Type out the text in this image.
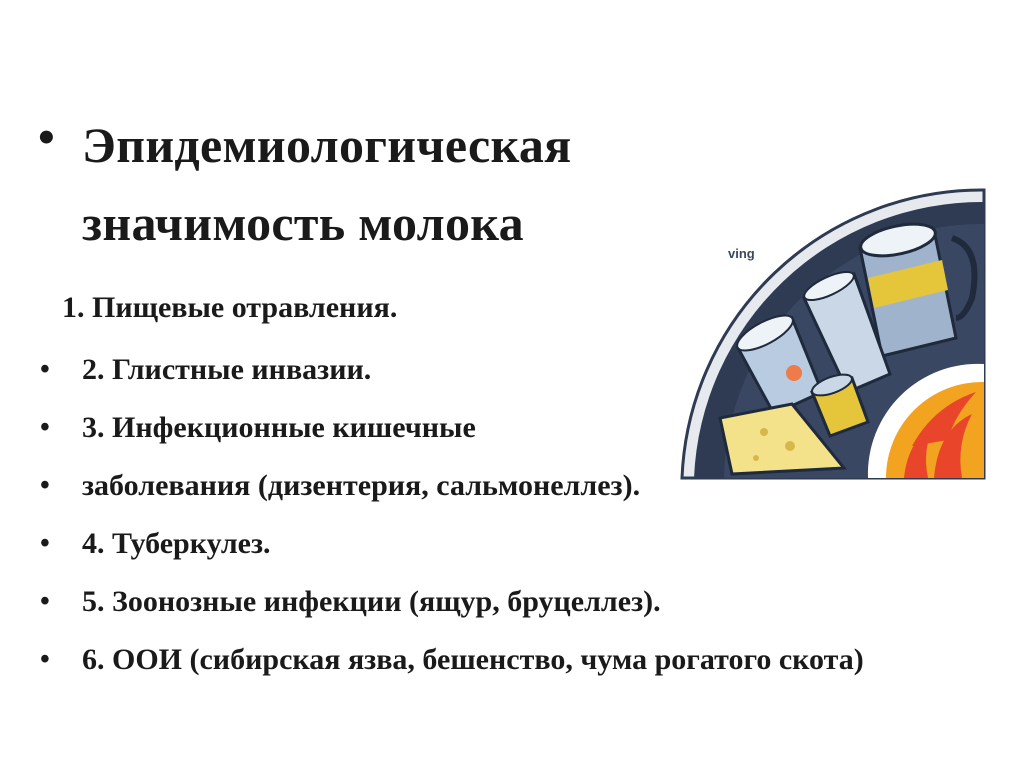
ving
• Эпидемиологическая
значимость молока
1. Пищевые отравления.
• 2. Глистные инвазии.
• 3. Инфекционные кишечные
• заболевания (дизентерия, сальмонеллез).
• 4. Туберкулез.
• 5. Зоонозные инфекции (ящур, бруцеллез).
• 6. ООИ (сибирская язва, бешенство, чума рогатого скота)
